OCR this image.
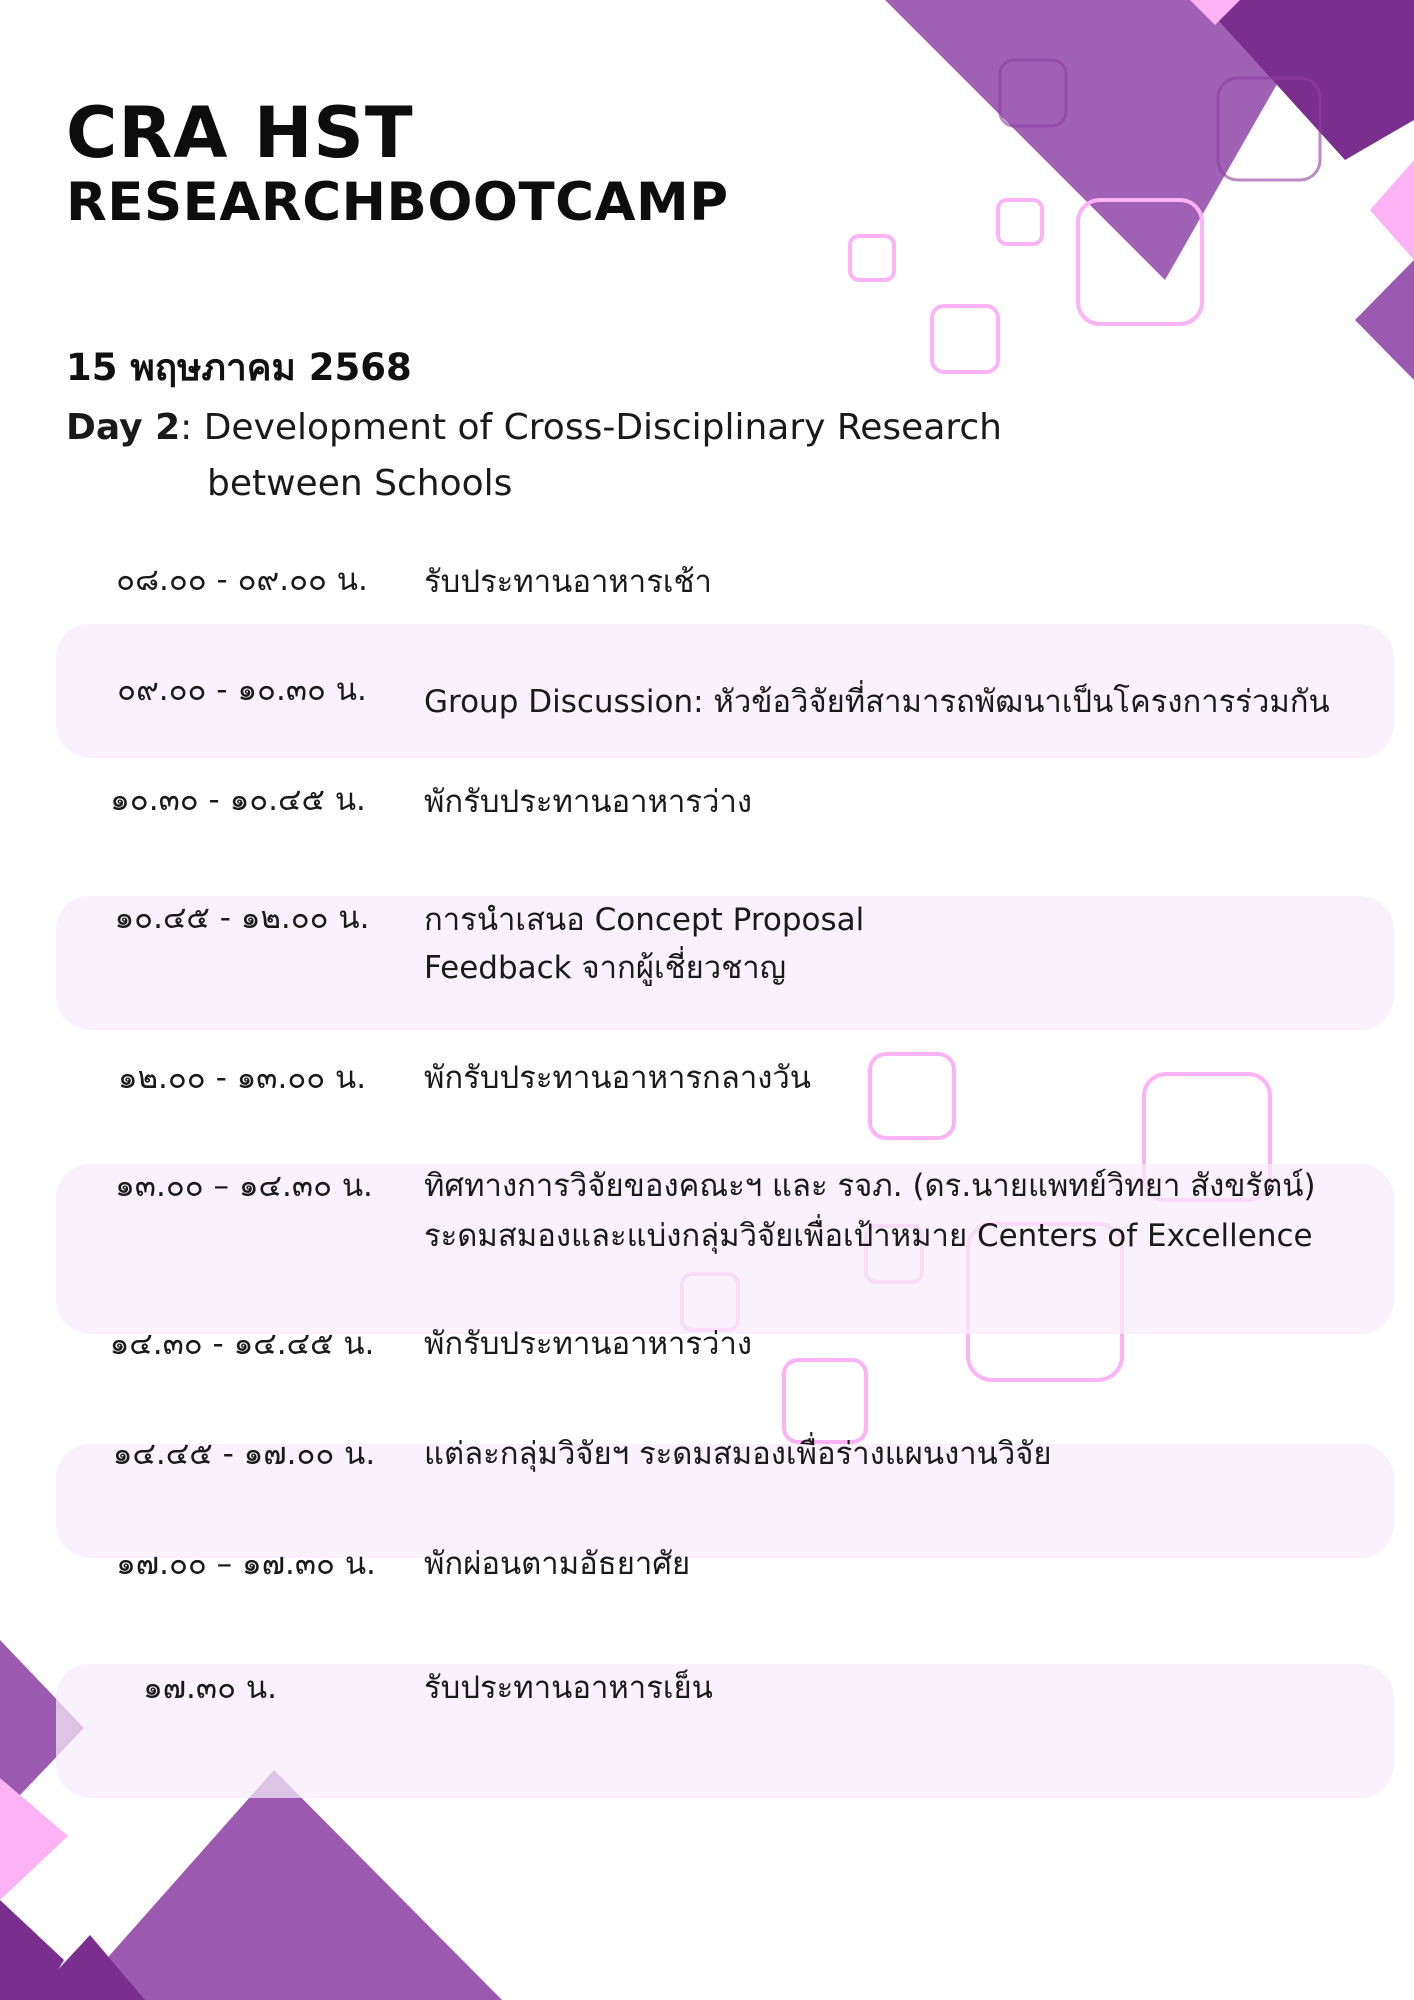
CRA HST
RESEARCHBOOTCAMP
15 พฤษภาคม 2568
Day 2: Development of Cross-Disciplinary Research
between Schools
๐๘.๐๐ - ๐๙.๐๐ น.	รับประทานอาหารเช้า
๐๙.๐๐ - ๑๐.๓๐ น.	Group Discussion: หัวข้อวิจัยที่สามารถพัฒนาเป็นโครงการร่วมกัน
๑๐.๓๐ - ๑๐.๔๕ น.	พักรับประทานอาหารว่าง
๑๐.๔๕ - ๑๒.๐๐ น.	การนำเสนอ Concept Proposal
Feedback จากผู้เชี่ยวชาญ
๑๒.๐๐ - ๑๓.๐๐ น.	พักรับประทานอาหารกลางวัน
๑๓.๐๐ – ๑๔.๓๐ น.	ทิศทางการวิจัยของคณะฯ และ รจภ. (ดร.นายแพทย์วิทยา สังขรัตน์)
ระดมสมองและแบ่งกลุ่มวิจัยเพื่อเป้าหมาย Centers of Excellence
๑๔.๓๐ - ๑๔.๔๕ น.	พักรับประทานอาหารว่าง
๑๔.๔๕ - ๑๗.๐๐ น.	แต่ละกลุ่มวิจัยฯ ระดมสมองเพื่อร่างแผนงานวิจัย
๑๗.๐๐ – ๑๗.๓๐ น.	พักผ่อนตามอัธยาศัย
๑๗.๓๐ น.	รับประทานอาหารเย็น
